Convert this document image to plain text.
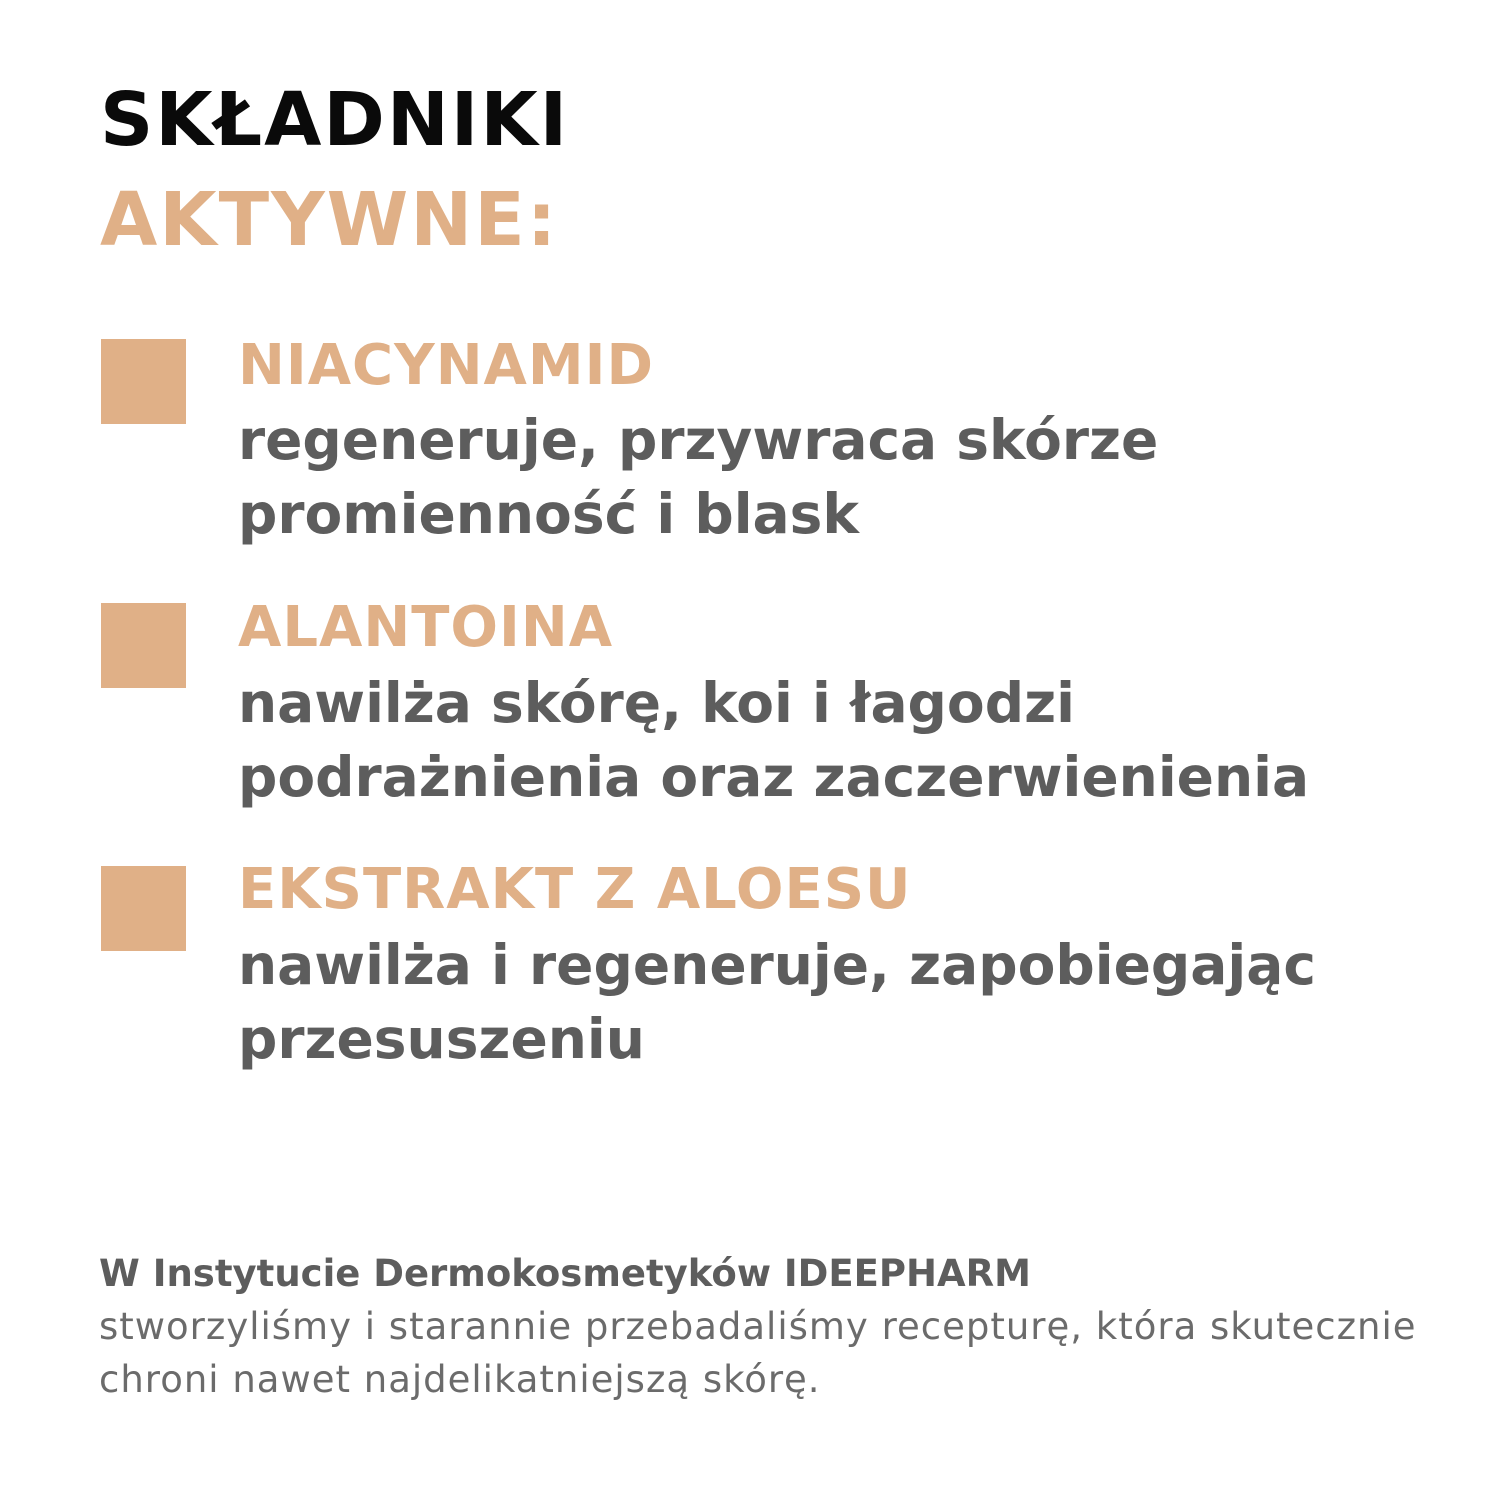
SKŁADNIKI
AKTYWNE:

NIACYNAMID

regeneruje, przywraca skórze promienność i blask

ALANTOINA

nawilża skórę, koi i łagodzi podrażnienia oraz zaczerwienienia

EKSTRAKT Z ALOESU

nawilża i regeneruje, zapobiegając przesuszeniu

W Instytucie Dermokosmetyków IDEEPHARM
stworzyliśmy i starannie przebadaliśmy recepturę, która skutecznie chroni nawet najdelikatniejszą skórę.
